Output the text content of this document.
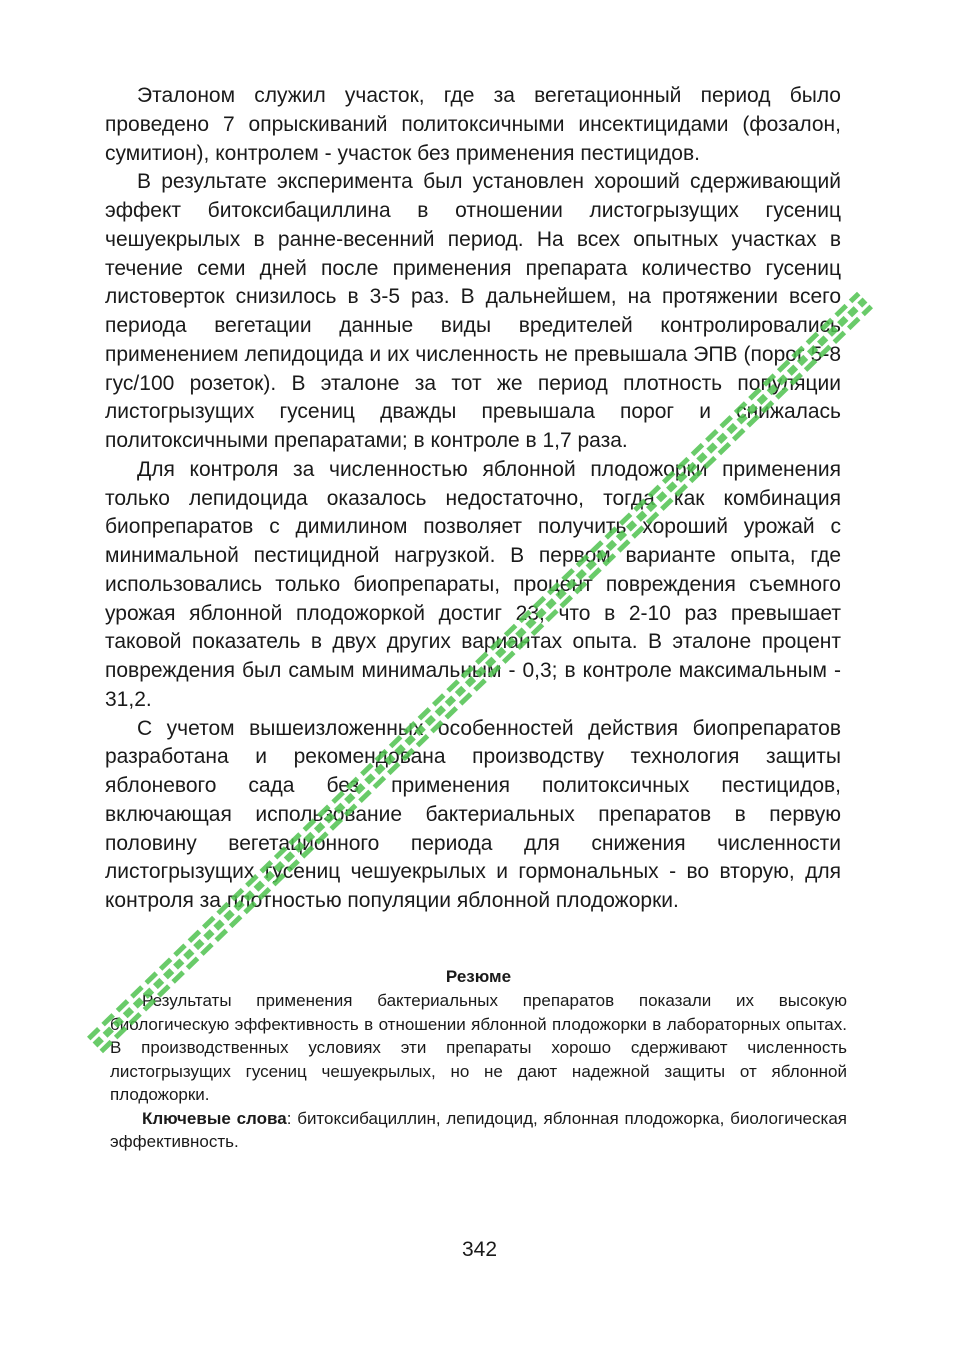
Эталоном служил участок, где за вегетационный период было проведено 7 опрыскиваний политоксичными инсектицидами (фозалон, сумитион), контролем - участок без применения пестицидов.

В результате эксперимента был установлен хороший сдерживающий эффект битоксибациллина в отношении листогрызущих гусениц чешуекрылых в ранне-весенний период. На всех опытных участках в течение семи дней после применения препарата количество гусениц листоверток снизилось в 3-5 раз. В дальнейшем, на протяжении всего периода вегетации данные виды вредителей контролировались применением лепидоцида и их численность не превышала ЭПВ (порог 5-8 гус/100 розеток). В эталоне за тот же период плотность популяции листогрызущих гусениц дважды превышала порог и снижалась политоксичными препаратами; в контроле в 1,7 раза.

Для контроля за численностью яблонной плодожорки применения только лепидоцида оказалось недостаточно, тогда как комбинация биопрепаратов с димилином позволяет получить хороший урожай с минимальной пестицидной нагрузкой. В первом варианте опыта, где использовались только биопрепараты, процент повреждения съемного урожая яблонной плодожоркой достиг 23, что в 2-10 раз превышает таковой показатель в двух других вариантах опыта. В эталоне процент повреждения был самым минимальным - 0,3; в контроле максимальным - 31,2.

С учетом вышеизложенных особенностей действия биопрепаратов разработана и рекомендована производству технология защиты яблоневого сада без применения политоксичных пестицидов, включающая использование бактериальных препаратов в первую половину вегетационного периода для снижения численности листогрызущих гусениц чешуекрылых и гормональных - во вторую, для контроля за плотностью популяции яблонной плодожорки.

Резюме

Результаты применения бактериальных препаратов показали их высокую биологическую эффективность в отношении яблонной плодожорки в лабораторных опытах. В производственных условиях эти препараты хорошо сдерживают численность листогрызущих гусениц чешуекрылых, но не дают надежной защиты от яблонной плодожорки.

Ключевые слова: битоксибациллин, лепидоцид, яблонная плодожорка, биологическая эффективность.

342
